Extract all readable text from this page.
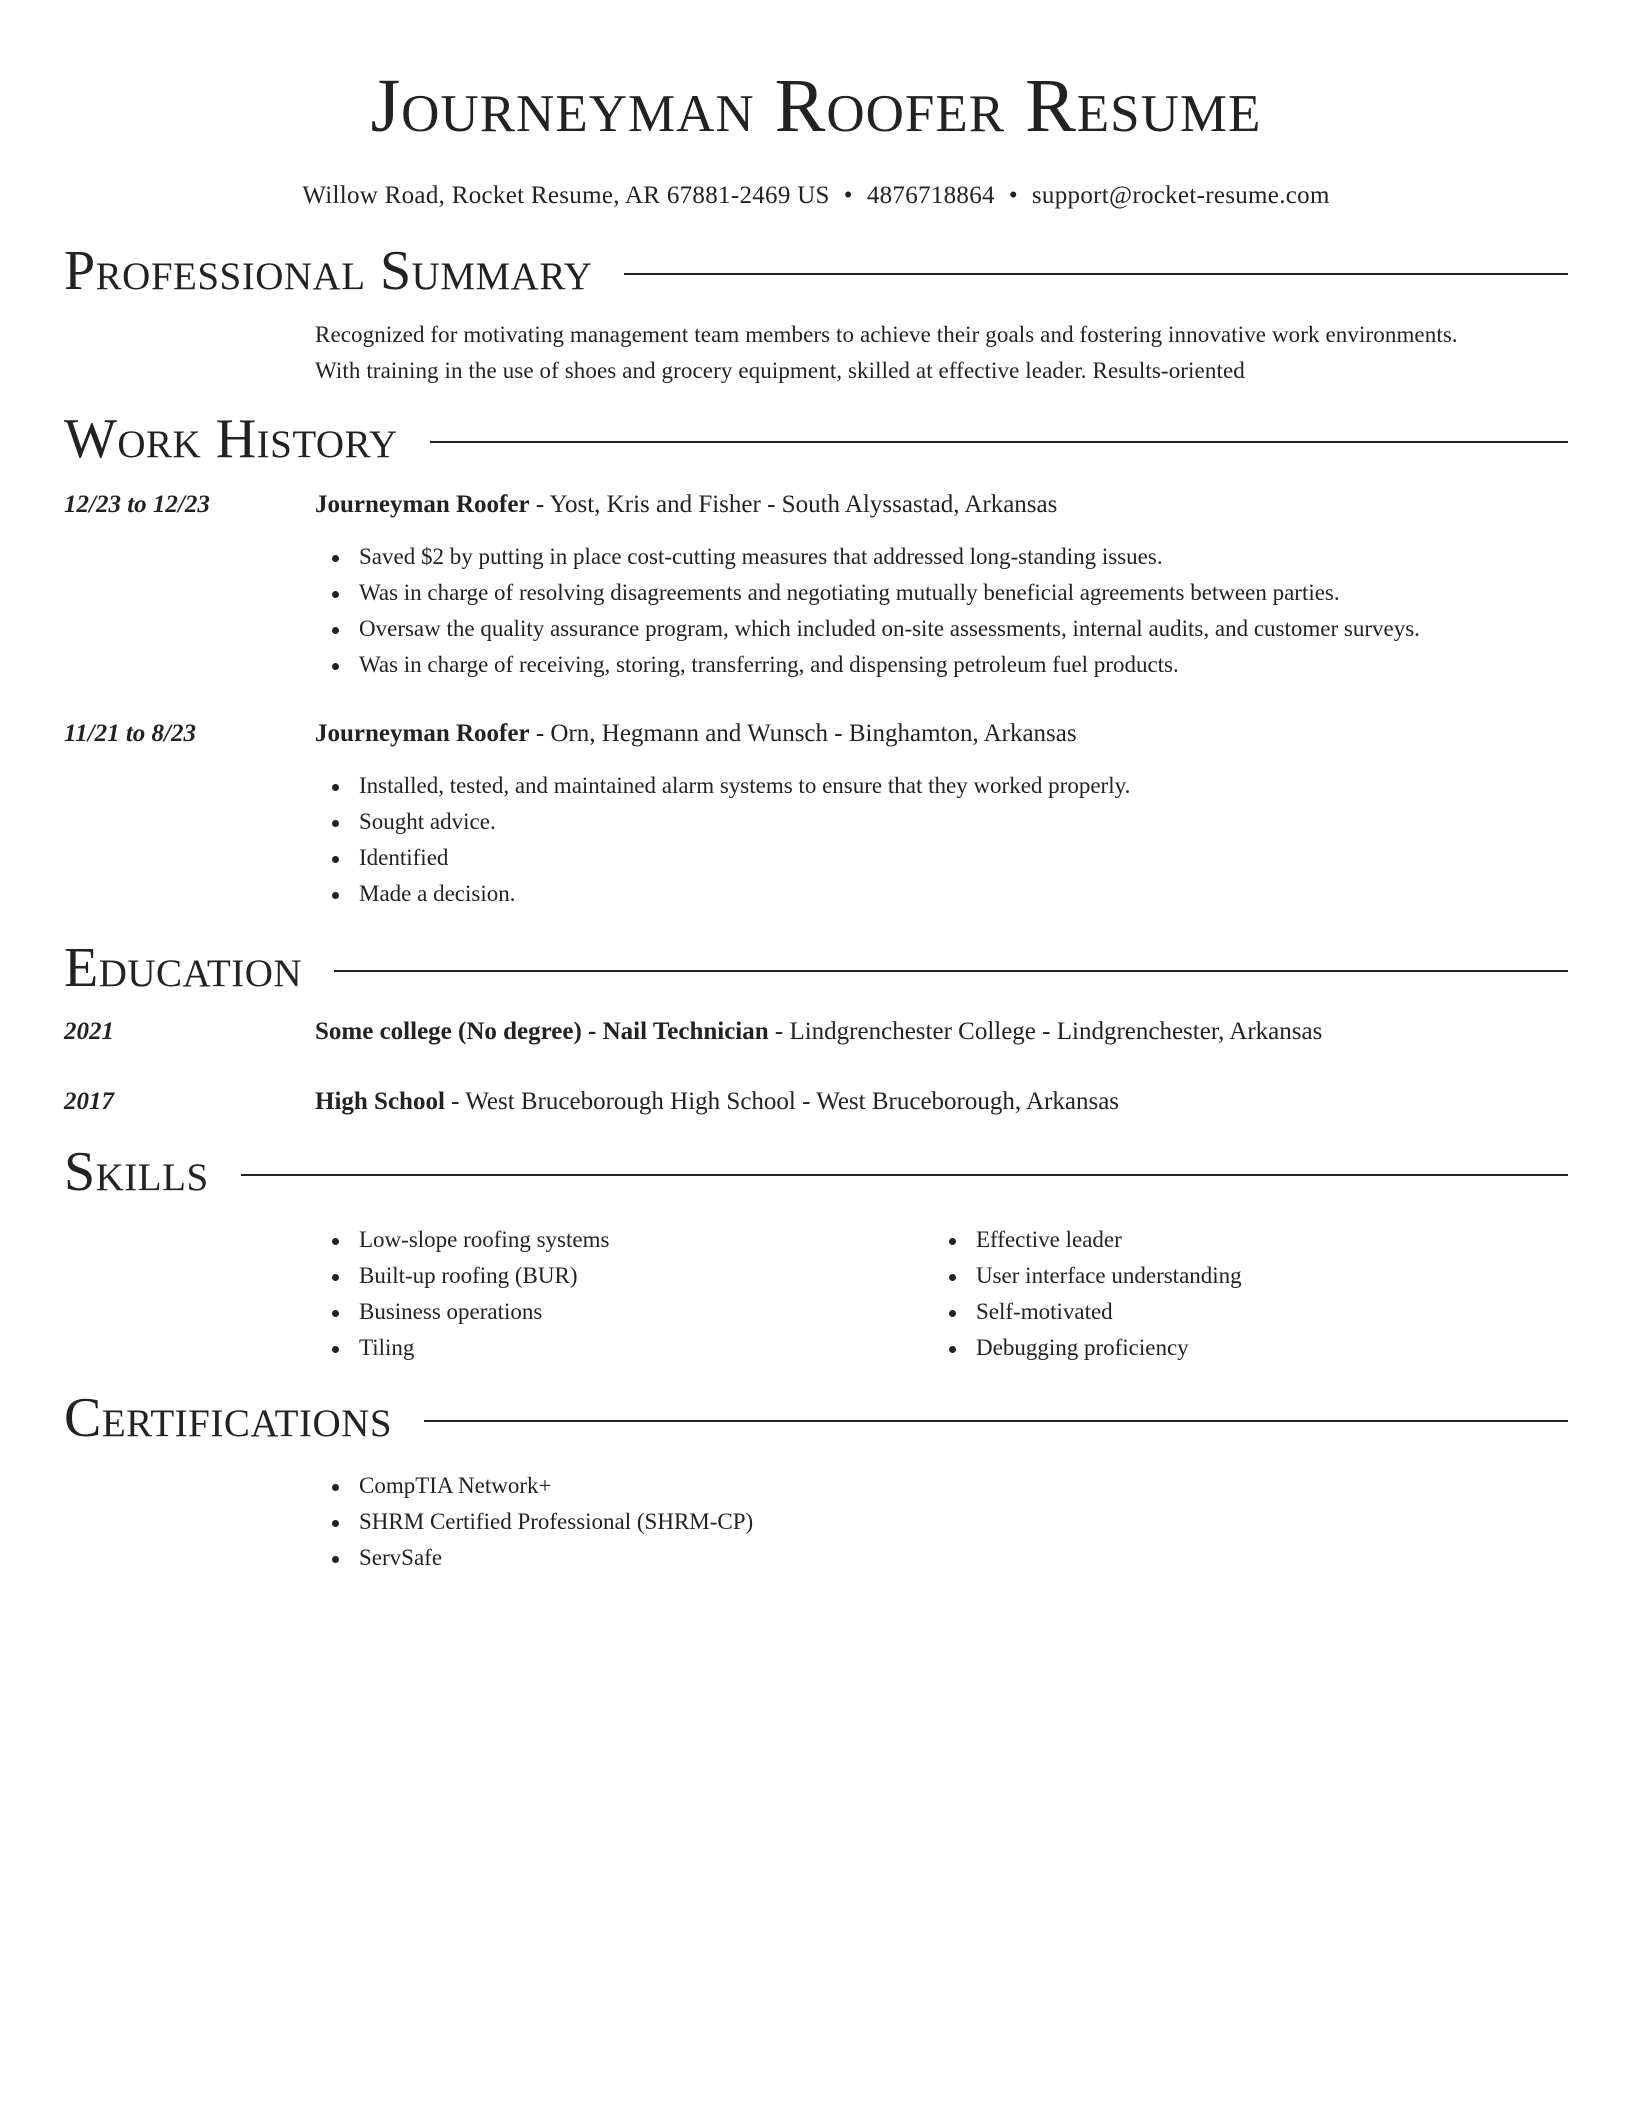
Journeyman Roofer Resume
Willow Road, Rocket Resume, AR 67881-2469 US • 4876718864 • support@rocket-resume.com
Professional Summary
Recognized for motivating management team members to achieve their goals and fostering innovative work environments.
With training in the use of shoes and grocery equipment, skilled at effective leader. Results-oriented
Work History
12/23 to 12/23	Journeyman Roofer - Yost, Kris and Fisher - South Alyssastad, Arkansas
Saved $2 by putting in place cost-cutting measures that addressed long-standing issues.
Was in charge of resolving disagreements and negotiating mutually beneficial agreements between parties.
Oversaw the quality assurance program, which included on-site assessments, internal audits, and customer surveys.
Was in charge of receiving, storing, transferring, and dispensing petroleum fuel products.
11/21 to 8/23	Journeyman Roofer - Orn, Hegmann and Wunsch - Binghamton, Arkansas
Installed, tested, and maintained alarm systems to ensure that they worked properly.
Sought advice.
Identified
Made a decision.
Education
2021	Some college (No degree) - Nail Technician - Lindgrenchester College - Lindgrenchester, Arkansas
2017	High School - West Bruceborough High School - West Bruceborough, Arkansas
Skills
Low-slope roofing systems
Built-up roofing (BUR)
Business operations
Tiling
Effective leader
User interface understanding
Self-motivated
Debugging proficiency
Certifications
CompTIA Network+
SHRM Certified Professional (SHRM-CP)
ServSafe
